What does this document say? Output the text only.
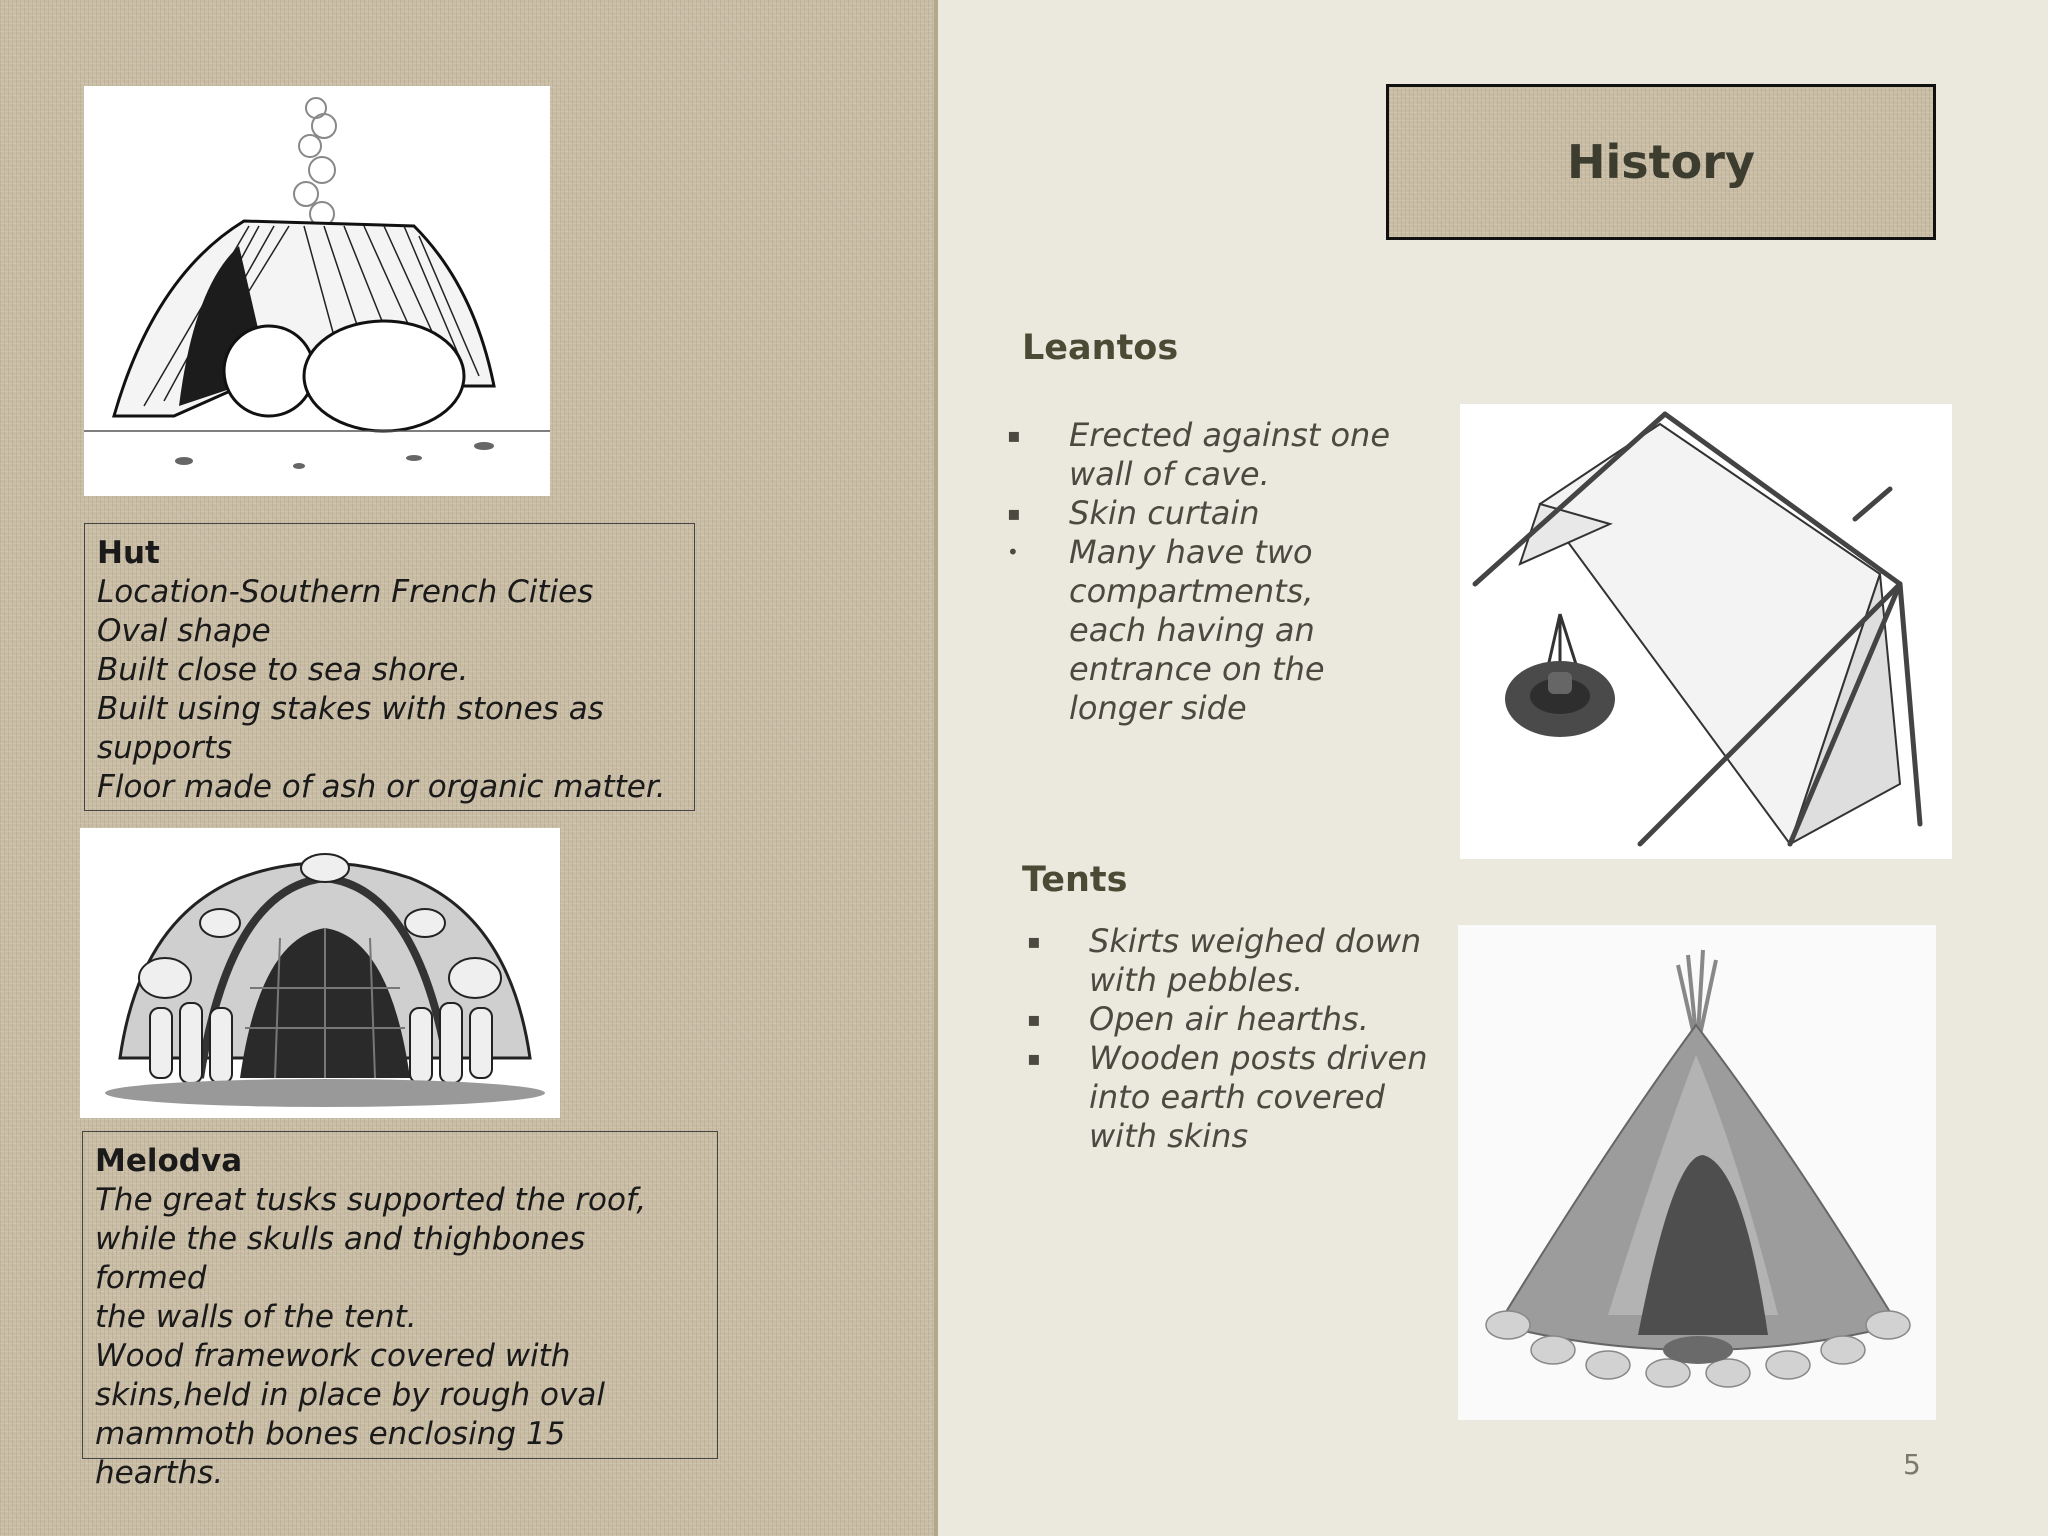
Hut
Location-Southern French Cities
Oval shape
Built close to sea shore.
Built using stakes with stones as
supports
Floor made of ash or organic matter.
Melodva
The great tusks supported the roof,
while the skulls and thighbones formed
the walls of the tent.
Wood framework covered with
skins,held in place by rough oval
mammoth bones enclosing 15
hearths.
History
Leantos
▪ Erected against one
wall of cave.
▪ Skin curtain
• Many have two
compartments,
each having an
entrance on the
longer side
Tents
▪ Skirts weighed down
with pebbles.
▪ Open air hearths.
▪ Wooden posts driven
into earth covered
with skins
5
